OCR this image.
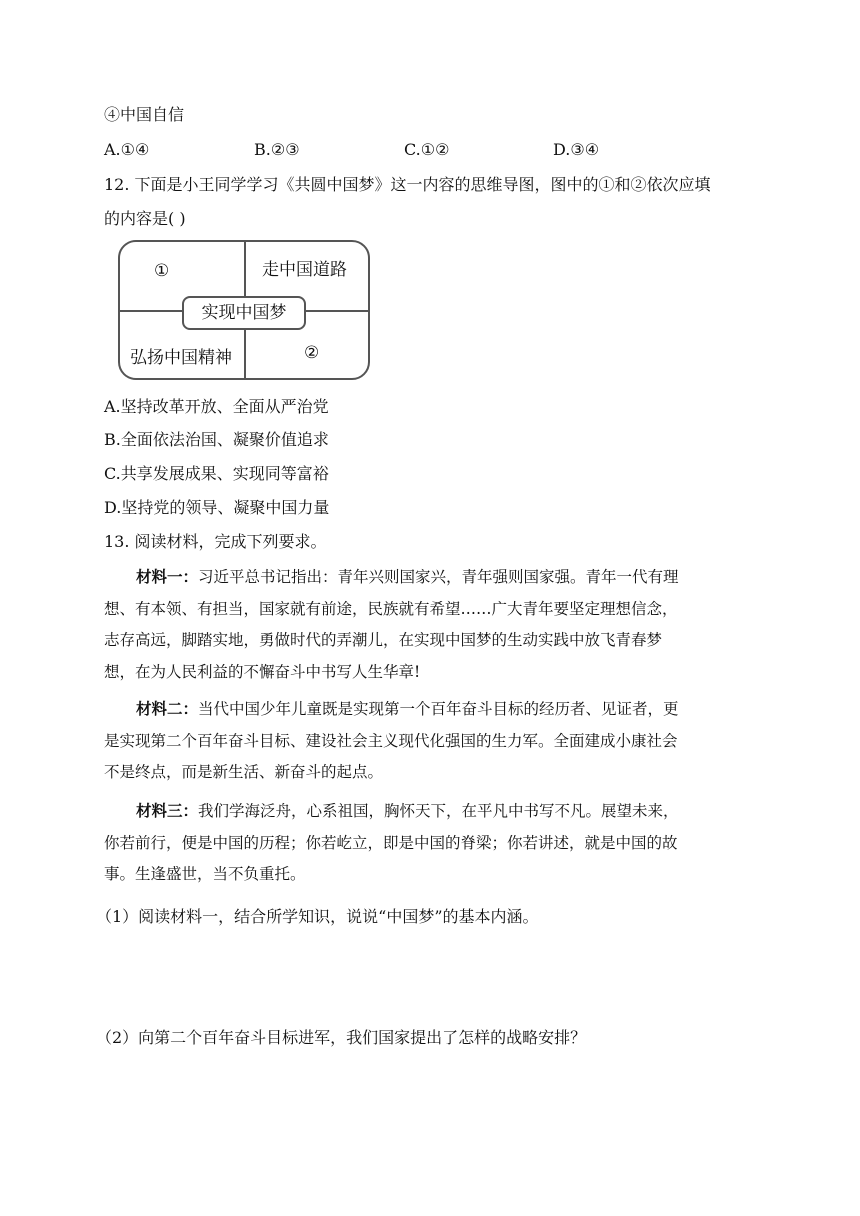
④中国自信
A.①④	B.②③	C.①②	D.③④
12. 下面是小王同学学习《共圆中国梦》这一内容的思维导图，图中的①和②依次应填
的内容是( )
①	走中国道路
实现中国梦
弘扬中国精神	②
A.坚持改革开放、全面从严治党
B.全面依法治国、凝聚价值追求
C.共享发展成果、实现同等富裕
D.坚持党的领导、凝聚中国力量
13. 阅读材料，完成下列要求。
材料一：习近平总书记指出：青年兴则国家兴，青年强则国家强。青年一代有理
想、有本领、有担当，国家就有前途，民族就有希望……广大青年要坚定理想信念，
志存高远，脚踏实地，勇做时代的弄潮儿，在实现中国梦的生动实践中放飞青春梦
想，在为人民利益的不懈奋斗中书写人生华章!
材料二：当代中国少年儿童既是实现第一个百年奋斗目标的经历者、见证者，更
是实现第二个百年奋斗目标、建设社会主义现代化强国的生力军。全面建成小康社会
不是终点，而是新生活、新奋斗的起点。
材料三：我们学海泛舟，心系祖国，胸怀天下，在平凡中书写不凡。展望未来，
你若前行，便是中国的历程；你若屹立，即是中国的脊梁；你若讲述，就是中国的故
事。生逢盛世，当不负重托。
（1）阅读材料一，结合所学知识，说说“中国梦”的基本内涵。
（2）向第二个百年奋斗目标进军，我们国家提出了怎样的战略安排？
